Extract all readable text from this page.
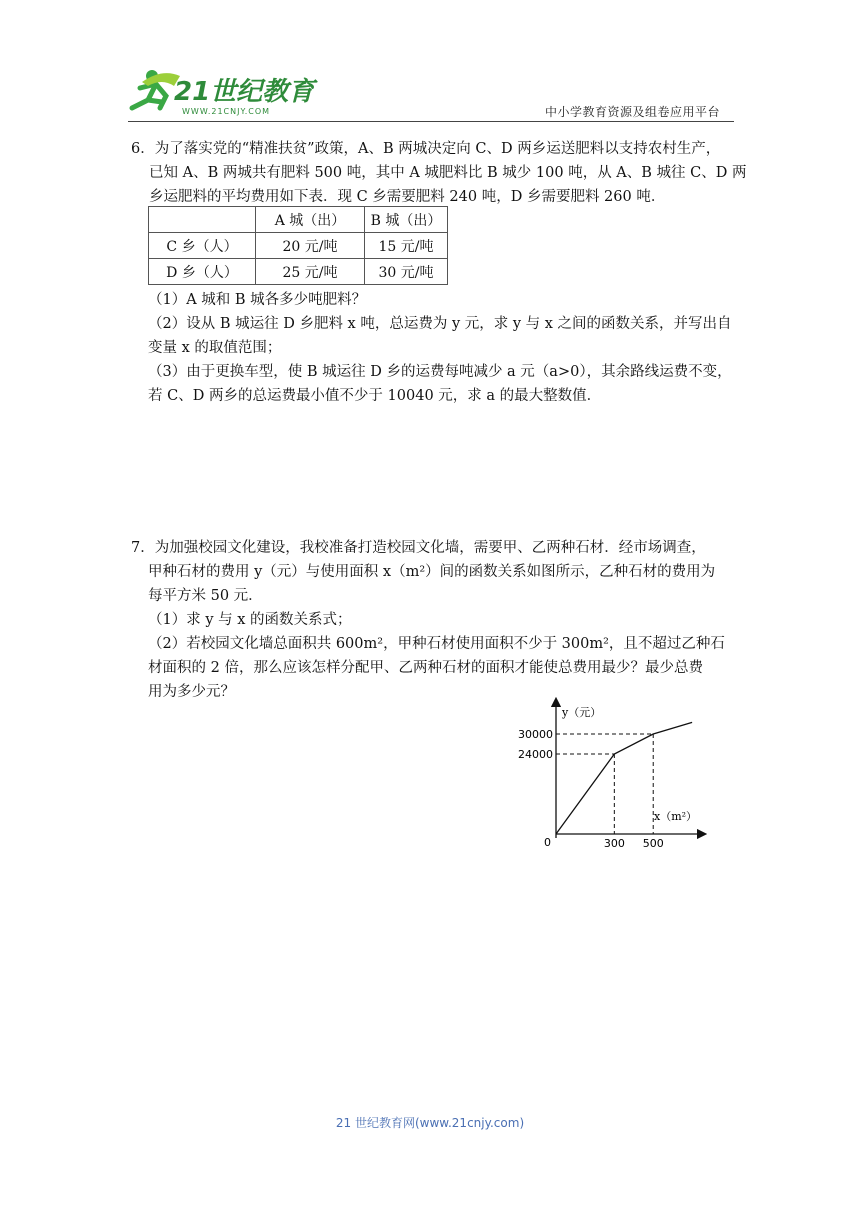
21世纪教育
WWW.21CNJY.COM	中小学教育资源及组卷应用平台
6．为了落实党的“精准扶贫”政策，A、B 两城决定向 C、D 两乡运送肥料以支持农村生产，
已知 A、B 两城共有肥料 500 吨，其中 A 城肥料比 B 城少 100 吨，从 A、B 城往 C、D 两
乡运肥料的平均费用如下表．现 C 乡需要肥料 240 吨，D 乡需要肥料 260 吨．
	A 城（出）	B 城（出）
C 乡（人）	20 元/吨	15 元/吨
D 乡（人）	25 元/吨	30 元/吨
（1）A 城和 B 城各多少吨肥料？
（2）设从 B 城运往 D 乡肥料 x 吨，总运费为 y 元，求 y 与 x 之间的函数关系，并写出自
变量 x 的取值范围；
（3）由于更换车型，使 B 城运往 D 乡的运费每吨减少 a 元（a>0），其余路线运费不变，
若 C、D 两乡的总运费最小值不少于 10040 元，求 a 的最大整数值．
7．为加强校园文化建设，我校准备打造校园文化墙，需要甲、乙两种石材．经市场调查，
甲种石材的费用 y（元）与使用面积 x（m²）间的函数关系如图所示，乙种石材的费用为
每平方米 50 元．
（1）求 y 与 x 的函数关系式；
（2）若校园文化墙总面积共 600m²，甲种石材使用面积不少于 300m²，且不超过乙种石
材面积的 2 倍，那么应该怎样分配甲、乙两种石材的面积才能使总费用最少？最少总费
用为多少元？
y（元）
x（m²）
0	300 500
24000
30000
21 世纪教育网(www.21cnjy.com)
